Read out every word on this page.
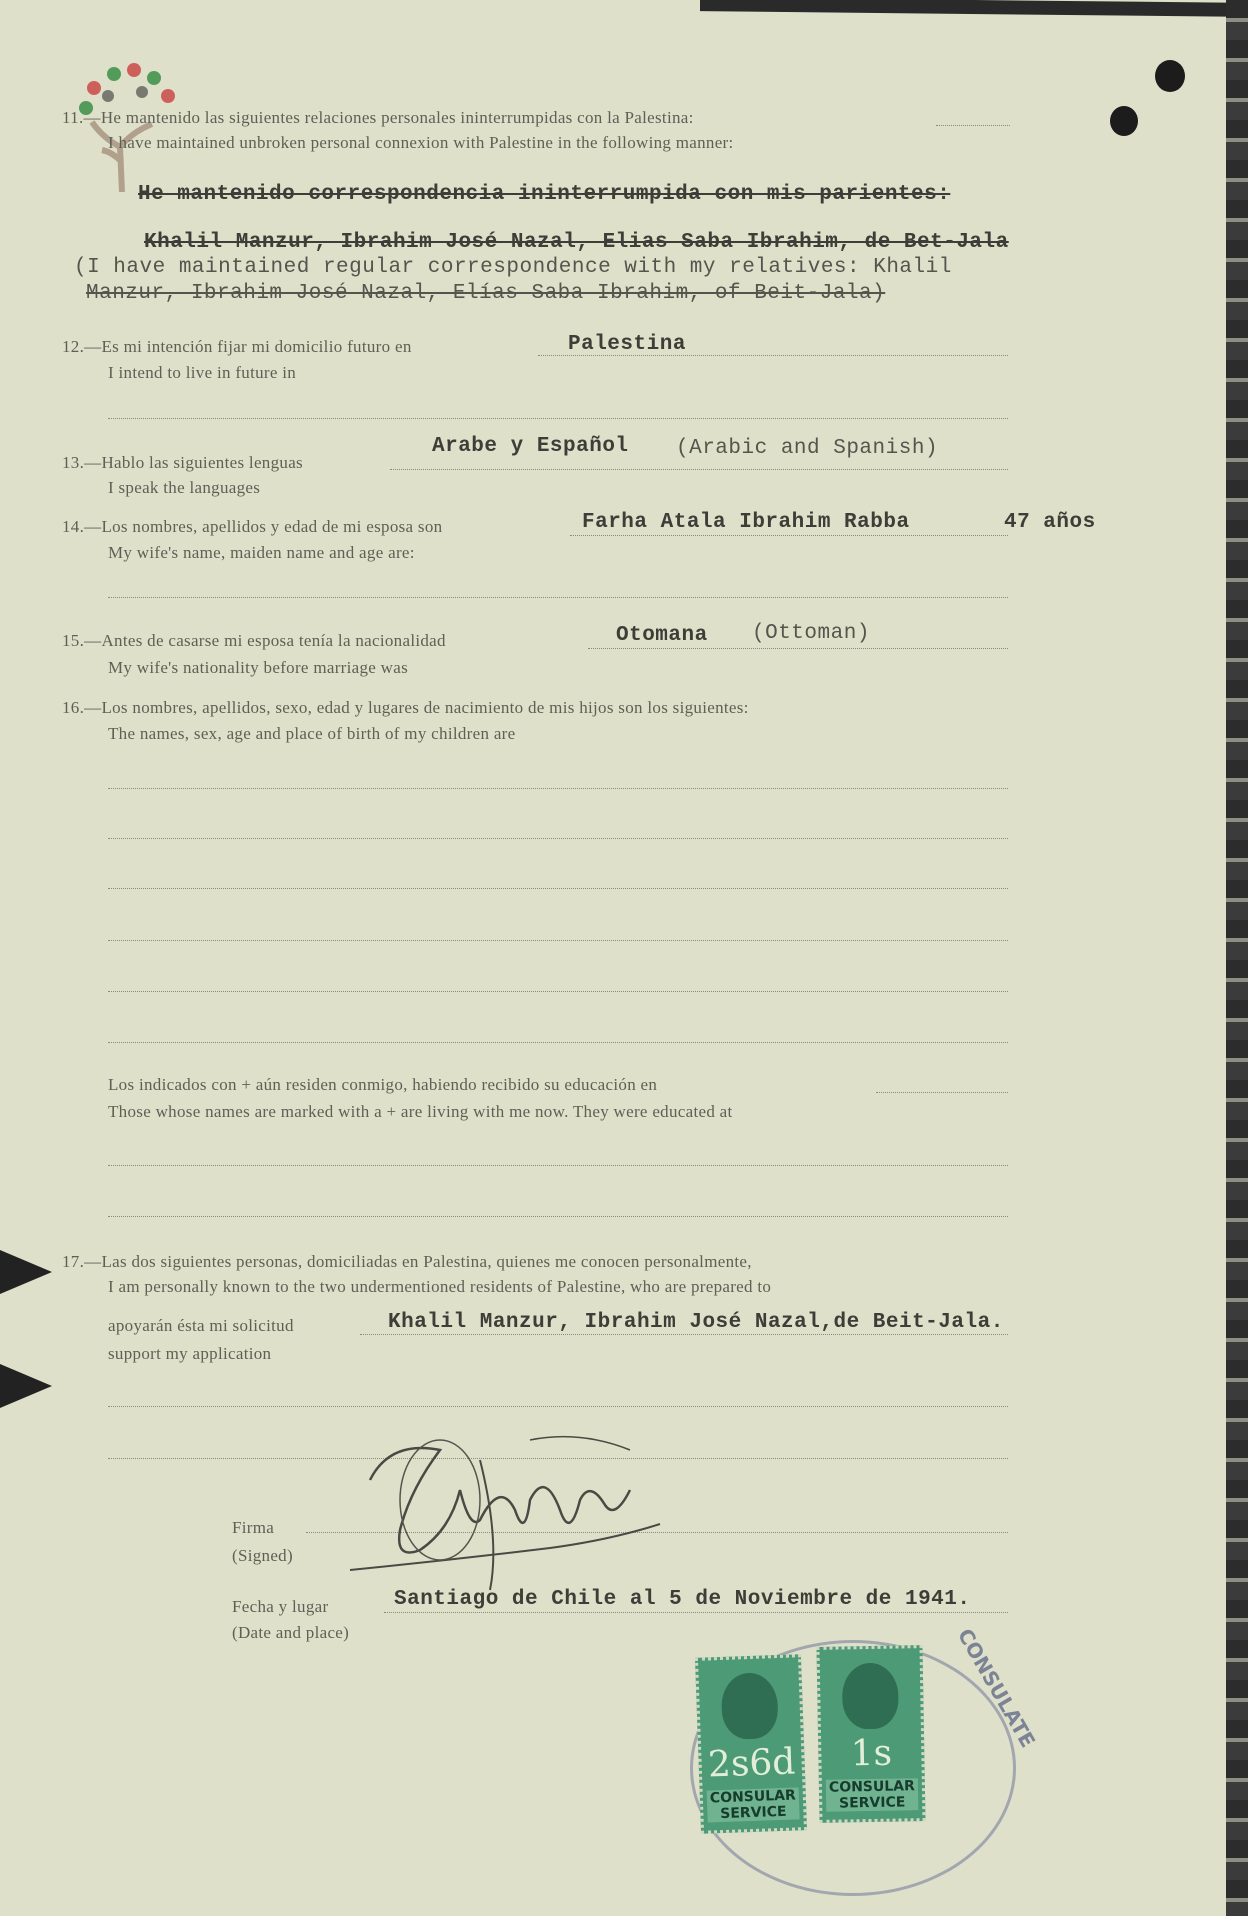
11.—He mantenido las siguientes relaciones personales ininterrumpidas con la Palestina:
I have maintained unbroken personal connexion with Palestine in the following manner:
He mantenido correspondencia ininterrumpida con mis parientes:
Khalil Manzur, Ibrahim José Nazal, Elias Saba Ibrahim, de Bet-Jala
(I have maintained regular correspondence with my relatives: Khalil
Manzur, Ibrahim José Nazal, Elías Saba Ibrahim, of Beit-Jala)
12.—Es mi intención fijar mi domicilio futuro en	Palestina
I intend to live in future in
13.—Hablo las siguientes lenguas
Arabe y Español (Arabic and Spanish)
I speak the languages
14.—Los nombres, apellidos y edad de mi esposa son	Farha Atala Ibrahim Rabba	47 años
My wife's name, maiden name and age are:
15.—Antes de casarse mi esposa tenía la nacionalidad	Otomana (Ottoman)
My wife's nationality before marriage was
16.—Los nombres, apellidos, sexo, edad y lugares de nacimiento de mis hijos son los siguientes:
The names, sex, age and place of birth of my children are
Los indicados con + aún residen conmigo, habiendo recibido su educación en
Those whose names are marked with a + are living with me now. They were educated at
17.—Las dos siguientes personas, domiciliadas en Palestina, quienes me conocen personalmente,
I am personally known to the two undermentioned residents of Palestine, who are prepared to
apoyarán ésta mi solicitud	Khalil Manzur, Ibrahim José Nazal,de Beit-Jala.
support my application
Firma
(Signed)
Fecha y lugar	Santiago de Chile al 5 de Noviembre de 1941.
(Date and place)	CONSULATE
2s6d
CONSULAR SERVICE
1s
CONSULAR SERVICE
